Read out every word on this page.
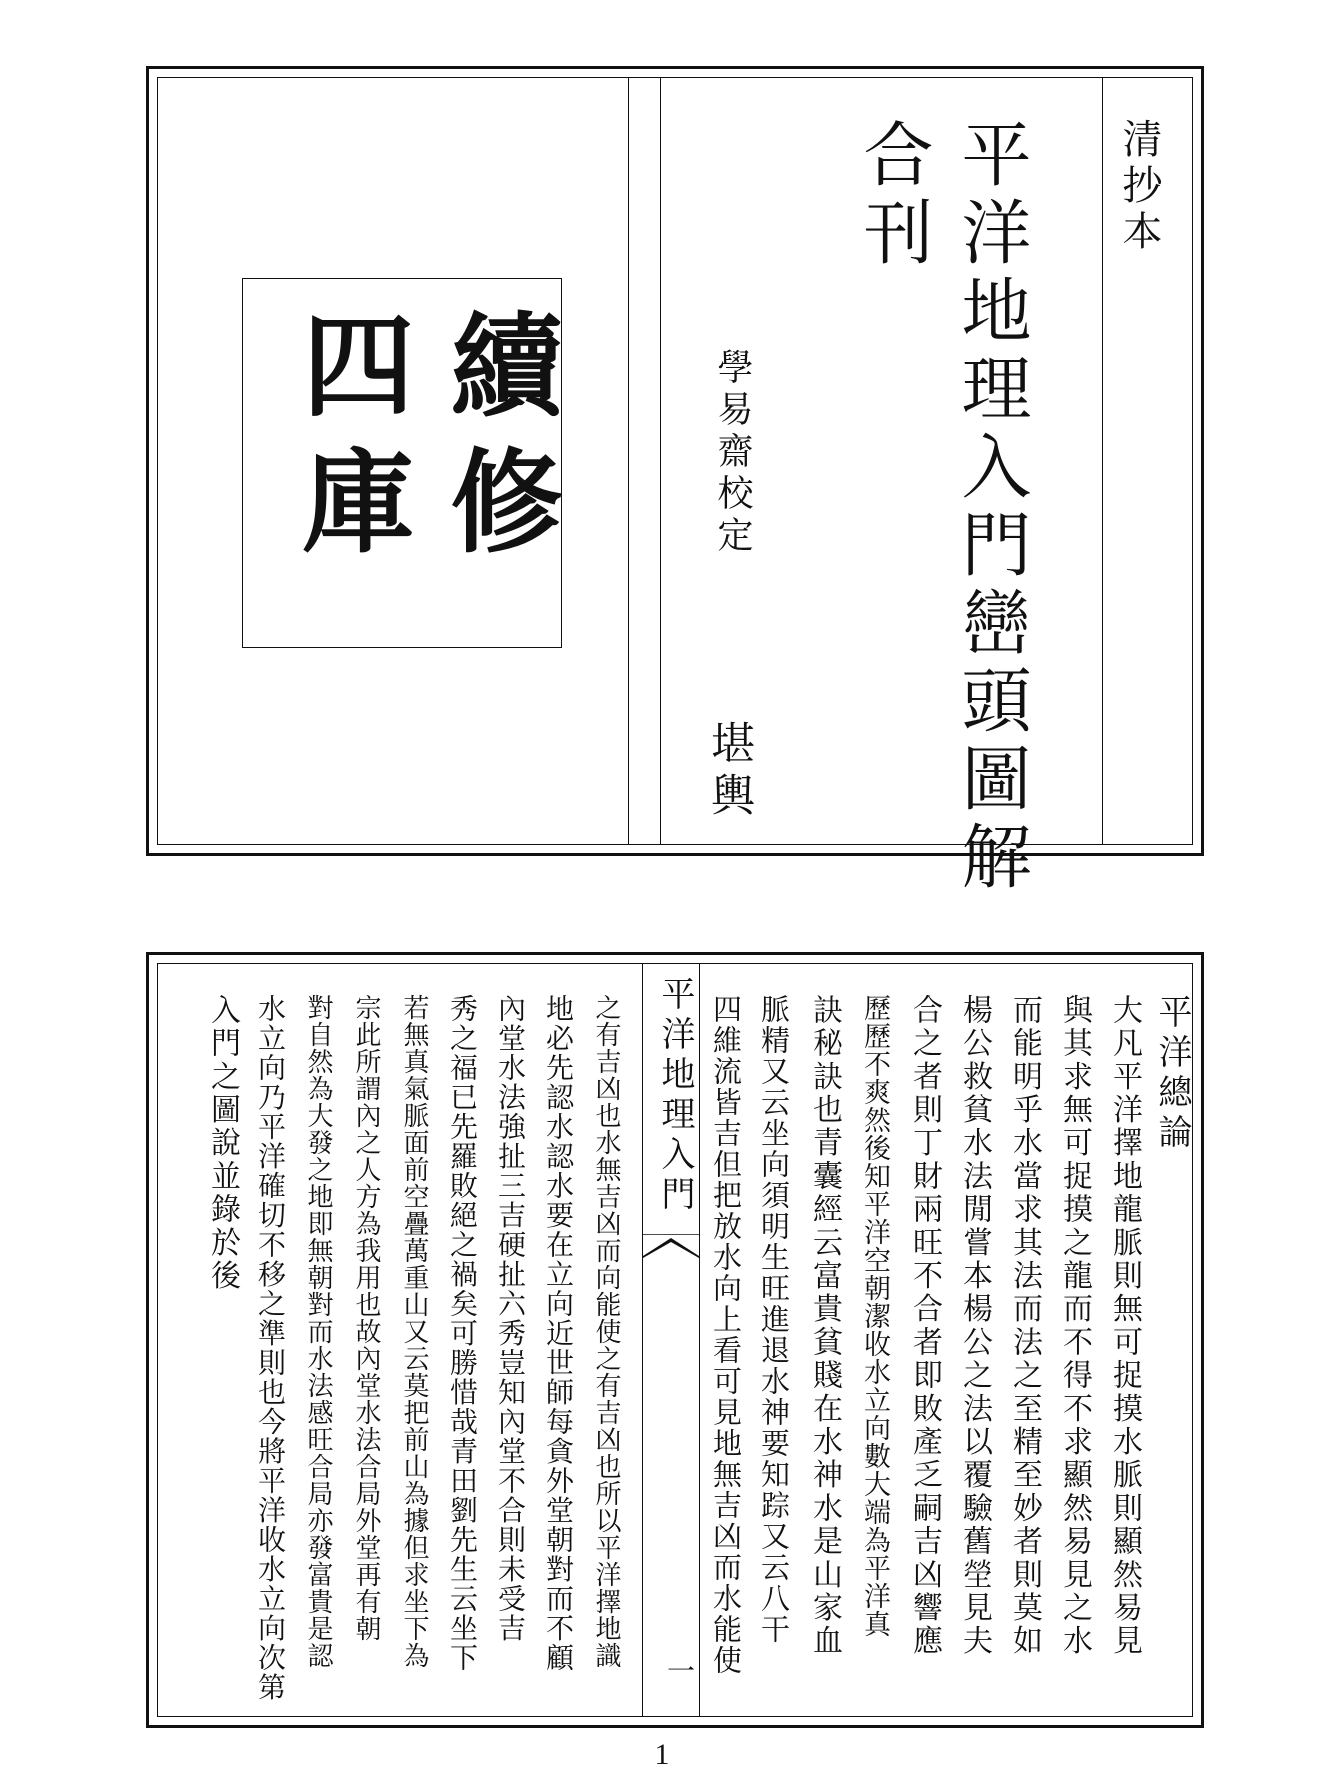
續修
四庫	學易齋校定
堪輿	平洋地理入門巒頭圖解
合刊	清抄本
平洋地理入門
一
平洋總論
大凡平洋擇地龍脈則無可捉摸水脈則顯然易見
與其求無可捉摸之龍而不得不求顯然易見之水
而能明乎水當求其法而法之至精至妙者則莫如
楊公救貧水法閒嘗本楊公之法以覆驗舊塋見夫
合之者則丁財兩旺不合者即敗產乏嗣吉凶響應
歷歷不爽然後知平洋空朝潔收水立向數大端為平洋真
訣秘訣也青囊經云富貴貧賤在水神水是山家血
脈精又云坐向須明生旺進退水神要知踪又云八干
四維流皆吉但把放水向上看可見地無吉凶而水能使
之有吉凶也水無吉凶而向能使之有吉凶也所以平洋擇地識
地必先認水認水要在立向近世師每貪外堂朝對而不顧
內堂水法強扯三吉硬扯六秀豈知內堂不合則未受吉
秀之福已先羅敗絕之禍矣可勝惜哉青田劉先生云坐下
若無真氣脈面前空疊萬重山又云莫把前山為據但求坐下為
宗此所謂內之人方為我用也故內堂水法合局外堂再有朝
對自然為大發之地即無朝對而水法感旺合局亦發富貴是認
水立向乃平洋確切不移之準則也今將平洋收水立向次第
入門之圖說並錄於後
1
